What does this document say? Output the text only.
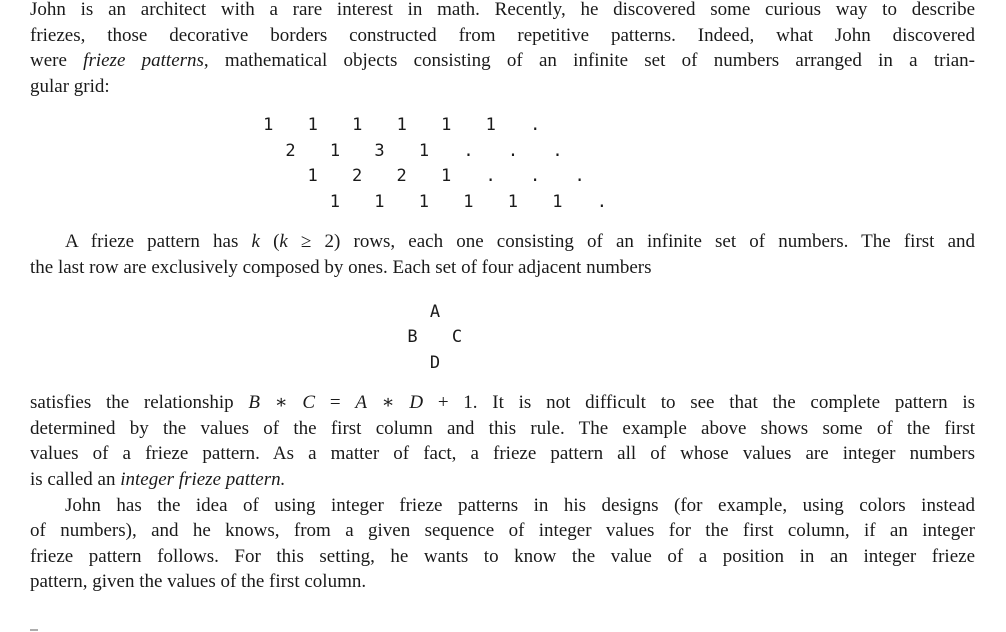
John is an architect with a rare interest in math. Recently, he discovered some curious way to describe
friezes, those decorative borders constructed from repetitive patterns. Indeed, what John discovered
were frieze patterns, mathematical objects consisting of an infinite set of numbers arranged in a trian-
gular grid:
1 1 1 1 1 1 .
2 1 3 1 . . .
1 2 2 1 . . .
1 1 1 1 1 1 .
A frieze pattern has k (k ≥ 2) rows, each one consisting of an infinite set of numbers. The first and
the last row are exclusively composed by ones. Each set of four adjacent numbers
A
B C
D
satisfies the relationship B ∗ C = A ∗ D + 1. It is not difficult to see that the complete pattern is
determined by the values of the first column and this rule. The example above shows some of the first
values of a frieze pattern. As a matter of fact, a frieze pattern all of whose values are integer numbers
is called an integer frieze pattern.
John has the idea of using integer frieze patterns in his designs (for example, using colors instead
of numbers), and he knows, from a given sequence of integer values for the first column, if an integer
frieze pattern follows. For this setting, he wants to know the value of a position in an integer frieze
pattern, given the values of the first column.
